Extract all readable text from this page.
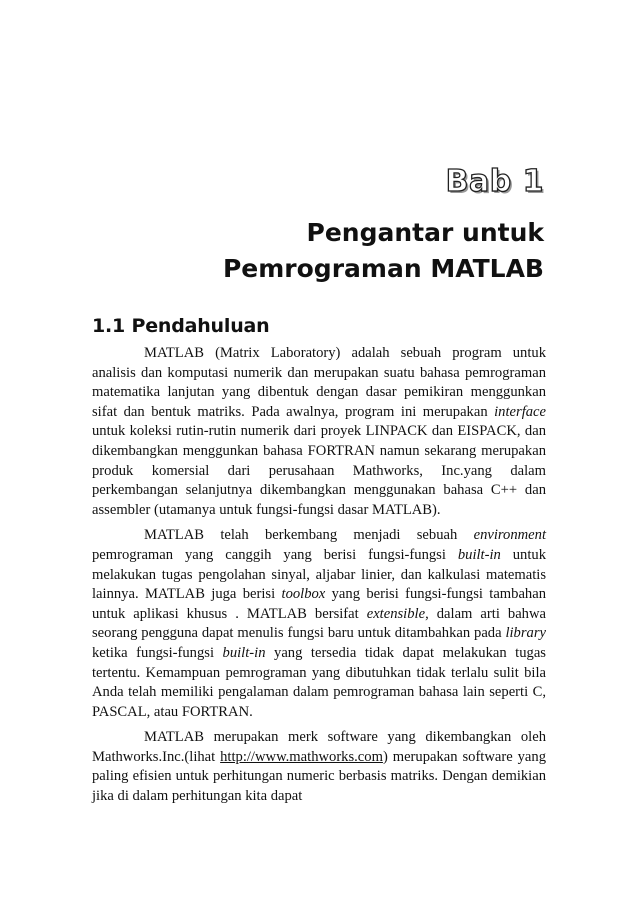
Bab 1
Pengantar untuk
Pemrograman MATLAB
1.1 Pendahuluan

MATLAB (Matrix Laboratory) adalah sebuah program untuk analisis dan komputasi numerik dan merupakan suatu bahasa pemrograman matematika lanjutan yang dibentuk dengan dasar pemikiran menggunkan sifat dan bentuk matriks. Pada awalnya, program ini merupakan interface untuk koleksi rutin-rutin numerik dari proyek LINPACK dan EISPACK, dan dikembangkan menggunkan bahasa FORTRAN namun sekarang merupakan produk komersial dari perusahaan Mathworks, Inc.yang dalam perkembangan selanjutnya dikembangkan menggunakan bahasa C++ dan assembler (utamanya untuk fungsi-fungsi dasar MATLAB).

MATLAB telah berkembang menjadi sebuah environment pemrograman yang canggih yang berisi fungsi-fungsi built-in untuk melakukan tugas pengolahan sinyal, aljabar linier, dan kalkulasi matematis lainnya. MATLAB juga berisi toolbox yang berisi fungsi-fungsi tambahan untuk aplikasi khusus . MATLAB bersifat extensible, dalam arti bahwa seorang pengguna dapat menulis fungsi baru untuk ditambahkan pada library ketika fungsi-fungsi built-in yang tersedia tidak dapat melakukan tugas tertentu. Kemampuan pemrograman yang dibutuhkan tidak terlalu sulit bila Anda telah memiliki pengalaman dalam pemrograman bahasa lain seperti C, PASCAL, atau FORTRAN.

MATLAB merupakan merk software yang dikembangkan oleh Mathworks.Inc.(lihat http://www.mathworks.com) merupakan software yang paling efisien untuk perhitungan numeric berbasis matriks. Dengan demikian jika di dalam perhitungan kita dapat
